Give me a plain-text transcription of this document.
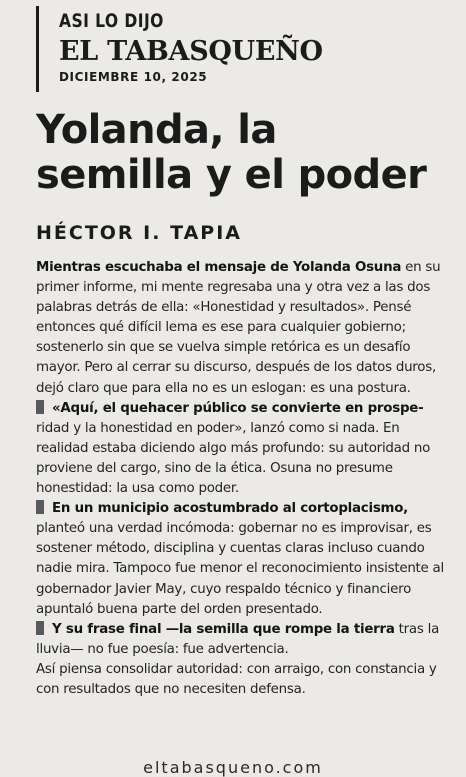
ASI LO DIJO
EL TABASQUEÑO
DICIEMBRE 10, 2025
Yolanda, la
semilla y el poder
HÉCTOR I. TAPIA

Mientras escuchaba el mensaje de Yolanda Osuna en su primer informe, mi mente regresaba una y otra vez a las dos palabras detrás de ella: «Honestidad y resultados». Pensé entonces qué difícil lema es ese para cualquier gobierno; sostenerlo sin que se vuelva simple retórica es un desafío mayor. Pero al cerrar su discurso, después de los datos duros, dejó claro que para ella no es un eslogan: es una postura.

«Aquí, el quehacer público se convierte en prospe-ridad y la honestidad en poder», lanzó como si nada. En realidad estaba diciendo algo más profundo: su autoridad no proviene del cargo, sino de la ética. Osuna no presume honestidad: la usa como poder.

En un municipio acostumbrado al cortoplacismo, planteó una verdad incómoda: gobernar no es improvisar, es sostener método, disciplina y cuentas claras incluso cuando nadie mira. Tampoco fue menor el reconocimiento insistente al gobernador Javier May, cuyo respaldo técnico y financiero apuntaló buena parte del orden presentado.

Y su frase final —la semilla que rompe la tierra tras la lluvia— no fue poesía: fue advertencia.

Así piensa consolidar autoridad: con arraigo, con constancia y con resultados que no necesiten defensa.

eltabasqueno.com
